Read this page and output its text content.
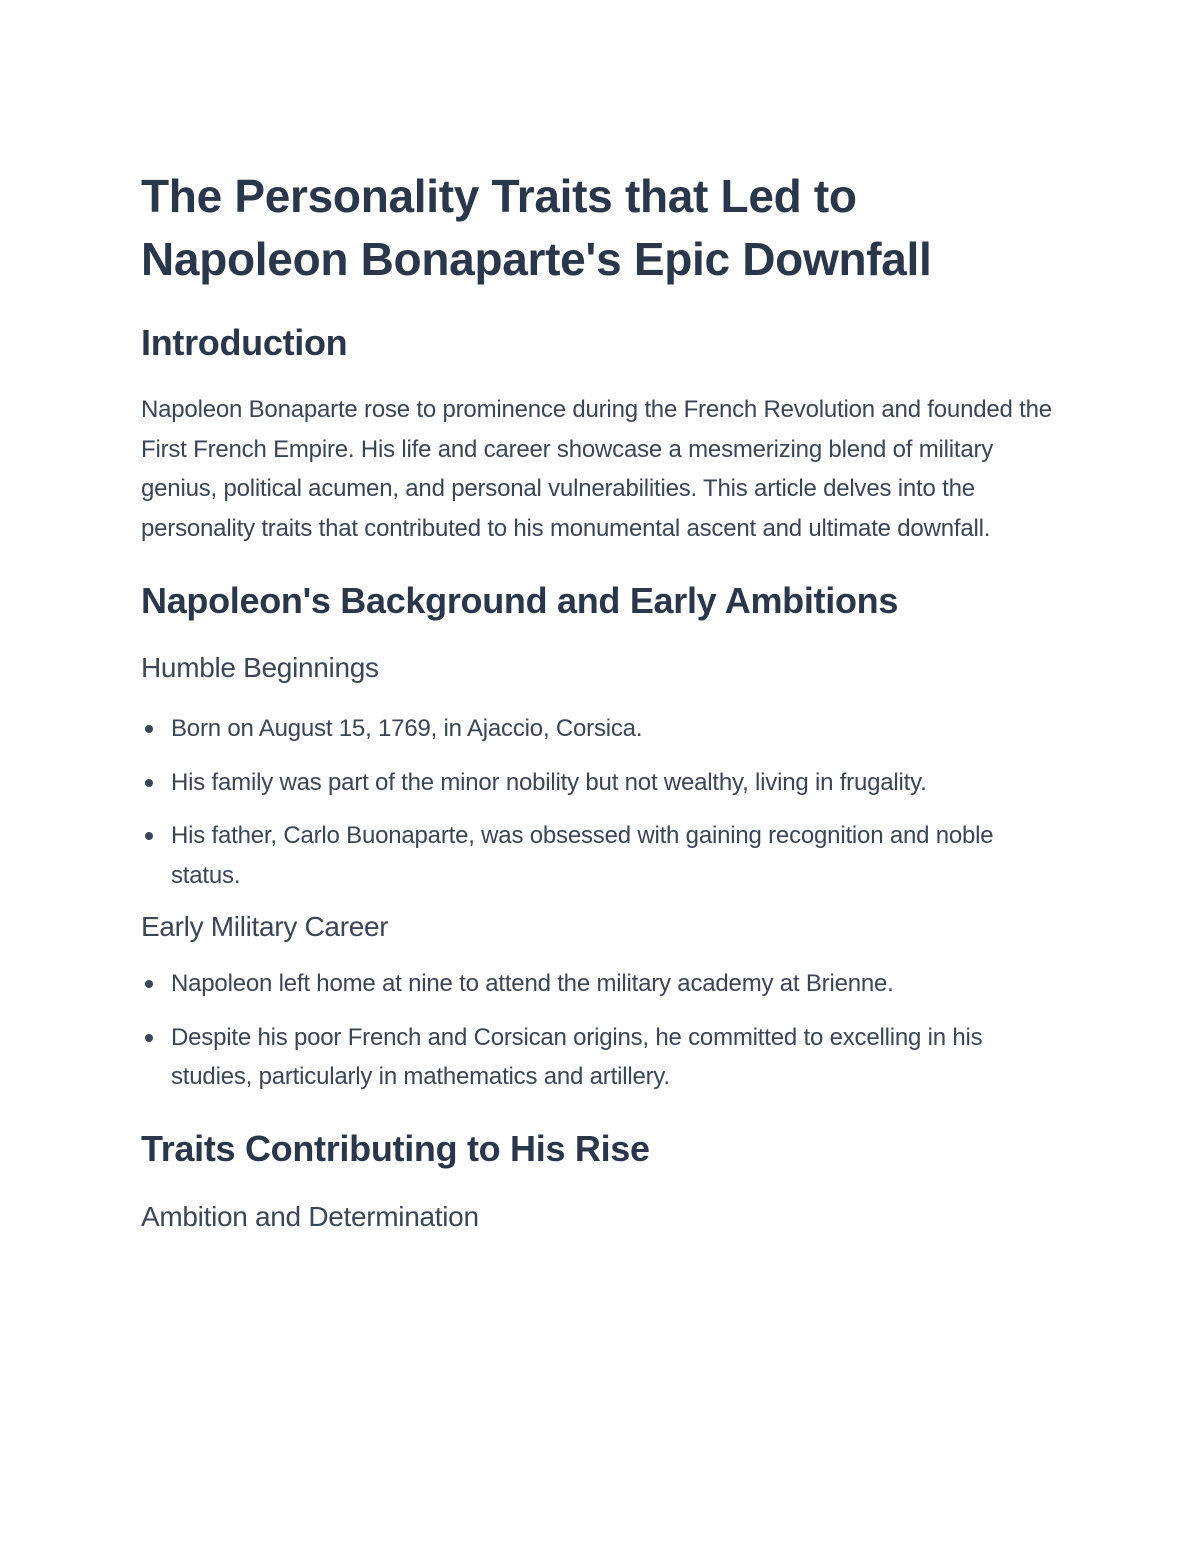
The Personality Traits that Led to Napoleon Bonaparte's Epic Downfall
Introduction

Napoleon Bonaparte rose to prominence during the French Revolution and founded the First French Empire. His life and career showcase a mesmerizing blend of military genius, political acumen, and personal vulnerabilities. This article delves into the personality traits that contributed to his monumental ascent and ultimate downfall.

Napoleon's Background and Early Ambitions
Humble Beginnings
Born on August 15, 1769, in Ajaccio, Corsica.
His family was part of the minor nobility but not wealthy, living in frugality.
His father, Carlo Buonaparte, was obsessed with gaining recognition and noble status.
Early Military Career
Napoleon left home at nine to attend the military academy at Brienne.
Despite his poor French and Corsican origins, he committed to excelling in his studies, particularly in mathematics and artillery.
Traits Contributing to His Rise
Ambition and Determination
